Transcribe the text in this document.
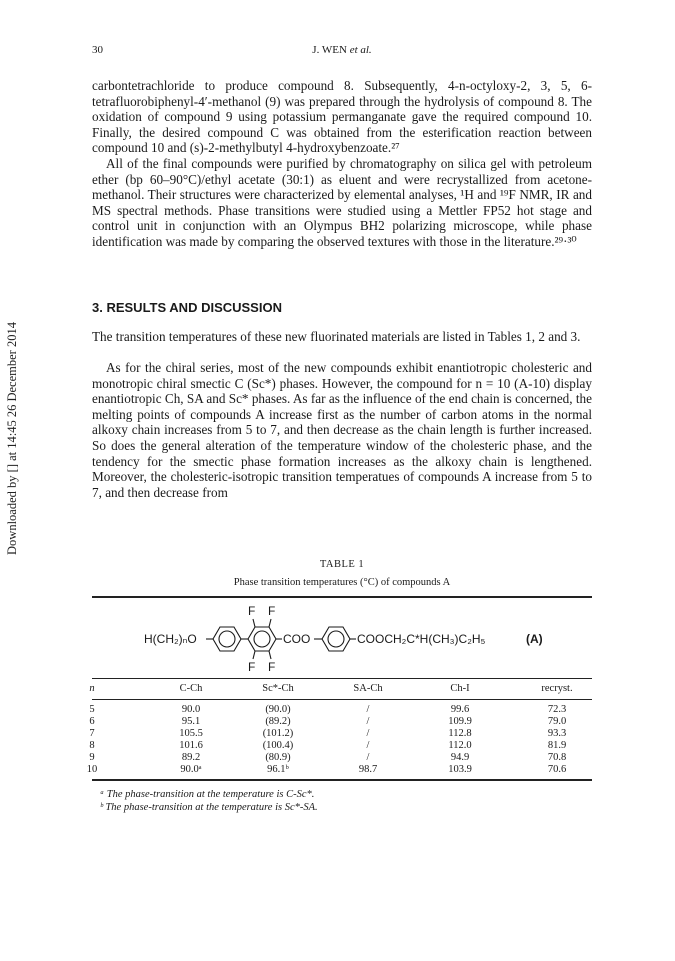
Downloaded by [] at 14:45 26 December 2014
30	J. WEN et al.

carbontetrachloride to produce compound 8. Subsequently, 4-n-octyloxy-2, 3, 5, 6-tetrafluorobiphenyl-4′-methanol (9) was prepared through the hydrolysis of compound 8. The oxidation of compound 9 using potassium permanganate gave the required compound 10. Finally, the desired compound C was obtained from the esterification reaction between compound 10 and (s)-2-methylbutyl 4-hydroxybenzoate.²⁷

All of the final compounds were purified by chromatography on silica gel with petroleum ether (bp 60–90°C)/ethyl acetate (30:1) as eluent and were recrystallized from acetone-methanol. Their structures were characterized by elemental analyses, ¹H and ¹⁹F NMR, IR and MS spectral methods. Phase transitions were studied using a Mettler FP52 hot stage and control unit in conjunction with an Olympus BH2 polarizing microscope, while phase identification was made by comparing the observed textures with those in the literature.²⁹·³⁰

3. RESULTS AND DISCUSSION

The transition temperatures of these new fluorinated materials are listed in Tables 1, 2 and 3.

As for the chiral series, most of the new compounds exhibit enantiotropic cholesteric and monotropic chiral smectic C (Sc*) phases. However, the compound for n = 10 (A-10) display enantiotropic Ch, SA and Sc* phases. As far as the influence of the end chain is concerned, the melting points of compounds A increase first as the number of carbon atoms in the normal alkoxy chain increases from 5 to 7, and then decrease as the chain length is further increased. So does the general alteration of the temperature window of the cholesteric phase, and the tendency for the smectic phase formation increases as the alkoxy chain is lengthened. Moreover, the cholesteric-isotropic transition temperatues of compounds A increase from 5 to 7, and then decrease from

TABLE 1
Phase transition temperatures (°C) of compounds A
H(CH₂)ₙO	COO	COOCH₂C*H(CH₃)C₂H₅	(A)
F F
F F
n	C-Ch	Sc*-Ch	SA-Ch	Ch-I	recryst.
5	90.0	(90.0)	/	99.6	72.3
6	95.1	(89.2)	/	109.9	79.0
7	105.5	(101.2)	/	112.8	93.3
8	101.6	(100.4)	/	112.0	81.9
9	89.2	(80.9)	/	94.9	70.8
10	90.0ᵃ	96.1ᵇ	98.7	103.9	70.6
ᵃ The phase-transition at the temperature is C-Sc*.
ᵇ The phase-transition at the temperature is Sc*-SA.
